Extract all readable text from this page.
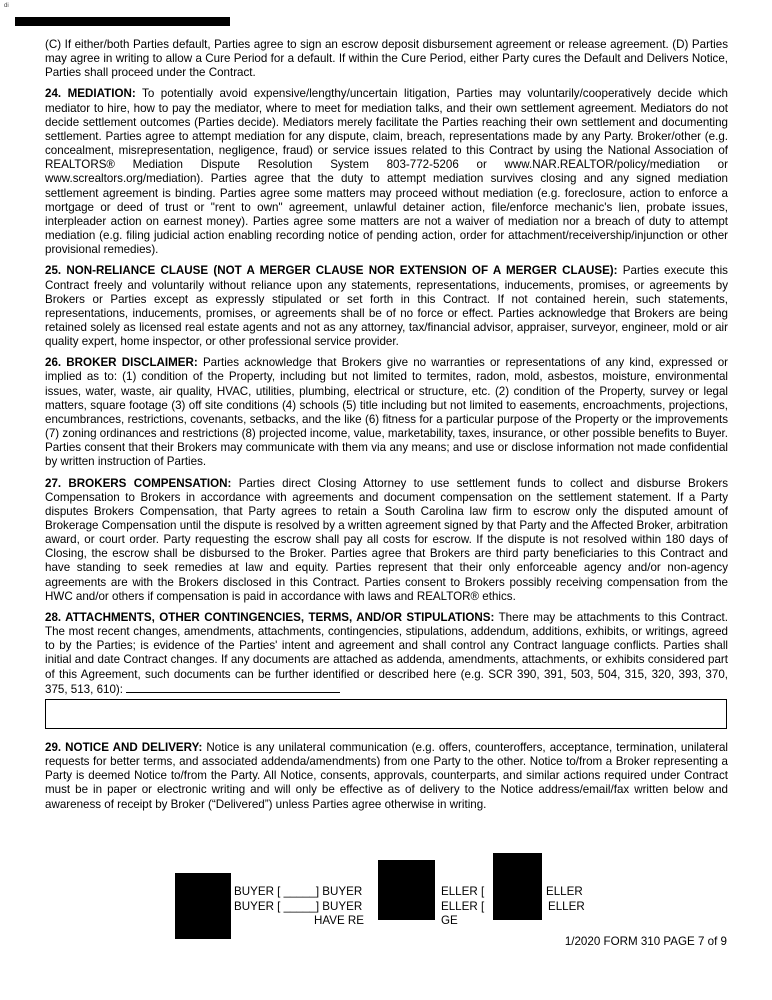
di

(C) If either/both Parties default, Parties agree to sign an escrow deposit disbursement agreement or release agreement. (D) Parties may agree in writing to allow a Cure Period for a default. If within the Cure Period, either Party cures the Default and Delivers Notice, Parties shall proceed under the Contract.

24. MEDIATION: To potentially avoid expensive/lengthy/uncertain litigation, Parties may voluntarily/cooperatively decide which mediator to hire, how to pay the mediator, where to meet for mediation talks, and their own settlement agreement. Mediators do not decide settlement outcomes (Parties decide). Mediators merely facilitate the Parties reaching their own settlement and documenting settlement. Parties agree to attempt mediation for any dispute, claim, breach, representations made by any Party. Broker/other (e.g. concealment, misrepresentation, negligence, fraud) or service issues related to this Contract by using the National Association of REALTORS® Mediation Dispute Resolution System 803-772-5206 or www.NAR.REALTOR/policy/mediation or www.screaltors.org/mediation). Parties agree that the duty to attempt mediation survives closing and any signed mediation settlement agreement is binding. Parties agree some matters may proceed without mediation (e.g. foreclosure, action to enforce a mortgage or deed of trust or "rent to own" agreement, unlawful detainer action, file/enforce mechanic's lien, probate issues, interpleader action on earnest money). Parties agree some matters are not a waiver of mediation nor a breach of duty to attempt mediation (e.g. filing judicial action enabling recording notice of pending action, order for attachment/receivership/injunction or other provisional remedies).

25. NON-RELIANCE CLAUSE (NOT A MERGER CLAUSE NOR EXTENSION OF A MERGER CLAUSE): Parties execute this Contract freely and voluntarily without reliance upon any statements, representations, inducements, promises, or agreements by Brokers or Parties except as expressly stipulated or set forth in this Contract. If not contained herein, such statements, representations, inducements, promises, or agreements shall be of no force or effect. Parties acknowledge that Brokers are being retained solely as licensed real estate agents and not as any attorney, tax/financial advisor, appraiser, surveyor, engineer, mold or air quality expert, home inspector, or other professional service provider.

26. BROKER DISCLAIMER: Parties acknowledge that Brokers give no warranties or representations of any kind, expressed or implied as to: (1) condition of the Property, including but not limited to termites, radon, mold, asbestos, moisture, environmental issues, water, waste, air quality, HVAC, utilities, plumbing, electrical or structure, etc. (2) condition of the Property, survey or legal matters, square footage (3) off site conditions (4) schools (5) title including but not limited to easements, encroachments, projections, encumbrances, restrictions, covenants, setbacks, and the like (6) fitness for a particular purpose of the Property or the improvements (7) zoning ordinances and restrictions (8) projected income, value, marketability, taxes, insurance, or other possible benefits to Buyer. Parties consent that their Brokers may communicate with them via any means; and use or disclose information not made confidential by written instruction of Parties.

27. BROKERS COMPENSATION: Parties direct Closing Attorney to use settlement funds to collect and disburse Brokers Compensation to Brokers in accordance with agreements and document compensation on the settlement statement. If a Party disputes Brokers Compensation, that Party agrees to retain a South Carolina law firm to escrow only the disputed amount of Brokerage Compensation until the dispute is resolved by a written agreement signed by that Party and the Affected Broker, arbitration award, or court order. Party requesting the escrow shall pay all costs for escrow. If the dispute is not resolved within 180 days of Closing, the escrow shall be disbursed to the Broker. Parties agree that Brokers are third party beneficiaries to this Contract and have standing to seek remedies at law and equity. Parties represent that their only enforceable agency and/or non-agency agreements are with the Brokers disclosed in this Contract. Parties consent to Brokers possibly receiving compensation from the HWC and/or others if compensation is paid in accordance with laws and REALTOR® ethics.

28. ATTACHMENTS, OTHER CONTINGENCIES, TERMS, AND/OR STIPULATIONS: There may be attachments to this Contract. The most recent changes, amendments, attachments, contingencies, stipulations, addendum, additions, exhibits, or writings, agreed to by the Parties; is evidence of the Parties' intent and agreement and shall control any Contract language conflicts. Parties shall initial and date Contract changes. If any documents are attached as addenda, amendments, attachments, or exhibits considered part of this Agreement, such documents can be further identified or described here (e.g. SCR 390, 391, 503, 504, 315, 320, 393, 370, 375, 513, 610):

29. NOTICE AND DELIVERY: Notice is any unilateral communication (e.g. offers, counteroffers, acceptance, termination, unilateral requests for better terms, and associated addenda/amendments) from one Party to the other. Notice to/from a Broker representing a Party is deemed Notice to/from the Party. All Notice, consents, approvals, counterparts, and similar actions required under Contract must be in paper or electronic writing and will only be effective as of delivery to the Notice address/email/fax written below and awareness of receipt by Broker (“Delivered”) unless Parties agree otherwise in writing.

BUYER [ _____] BUYER
BUYER [ _____] BUYER
HAVE RE
ELLER [
ELLER [
GE
ELLER
ELLER
1/2020 FORM 310 PAGE 7 of 9
